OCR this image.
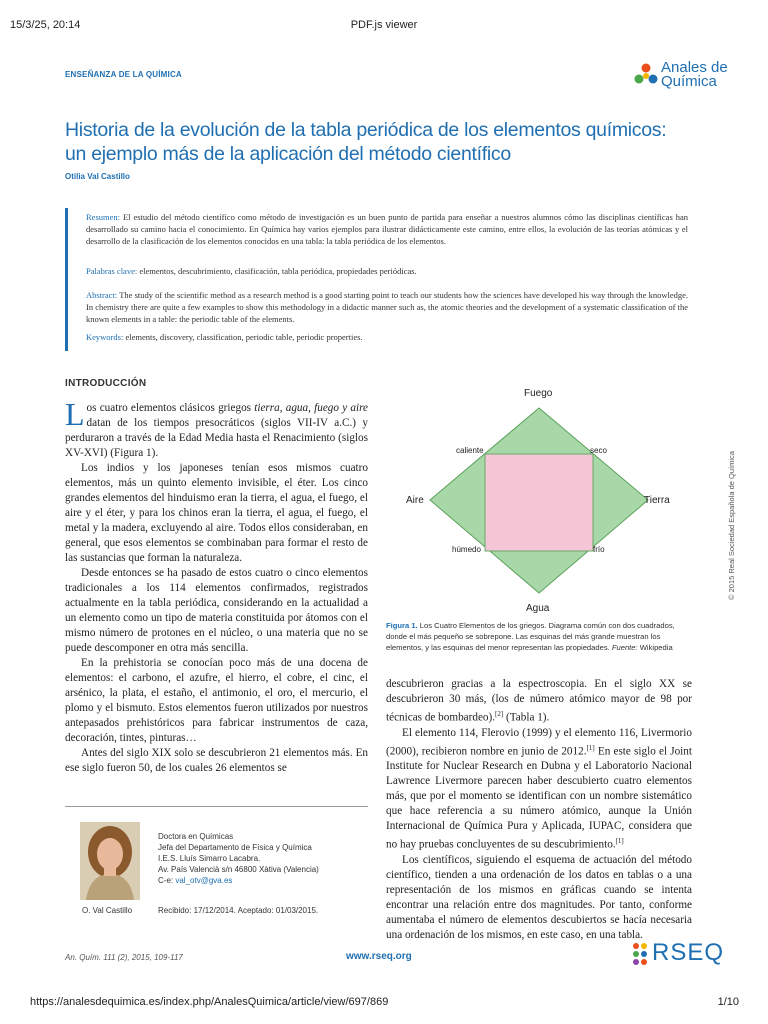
15/3/25, 20:14	PDF.js viewer
ENSEÑANZA DE LA QUÍMICA	Anales de
Química
Historia de la evolución de la tabla periódica de los elementos químicos:
un ejemplo más de la aplicación del método científico
Otilia Val Castillo

Resumen: El estudio del método científico como método de investigación es un buen punto de partida para enseñar a nuestros alumnos cómo las disciplinas científicas han desarrollado su camino hacia el conocimiento. En Química hay varios ejemplos para ilustrar didácticamente este camino, entre ellos, la evolución de las teorías atómicas y el desarrollo de la clasificación de los elementos conocidos en una tabla: la tabla periódica de los elementos.

Palabras clave: elementos, descubrimiento, clasificación, tabla periódica, propiedades periódicas.

Abstract: The study of the scientific method as a research method is a good starting point to teach our students how the sciences have developed his way through the knowledge. In chemistry there are quite a few examples to show this methodology in a didactic manner such as, the atomic theories and the development of a systematic classification of the known elements in a table: the periodic table of the elements.

Keywords: elements, discovery, classification, periodic table, periodic properties.

INTRODUCCIÓN

Los cuatro elementos clásicos griegos tierra, agua, fuego y aire datan de los tiempos presocráticos (siglos VII-IV a.C.) y perduraron a través de la Edad Media hasta el Renacimiento (siglos XV-XVI) (Figura 1).

Los indios y los japoneses tenían esos mismos cuatro elementos, más un quinto elemento invisible, el éter. Los cinco grandes elementos del hinduismo eran la tierra, el agua, el fuego, el aire y el éter, y para los chinos eran la tierra, el agua, el fuego, el metal y la madera, excluyendo al aire. Todos ellos consideraban, en general, que esos elementos se combinaban para formar el resto de las sustancias que forman la naturaleza.

Desde entonces se ha pasado de estos cuatro o cinco elementos tradicionales a los 114 elementos confirmados, registrados actualmente en la tabla periódica, considerando en la actualidad a un elemento como un tipo de materia constituida por átomos con el mismo número de protones en el núcleo, o una materia que no se puede descomponer en otra más sencilla.

En la prehistoria se conocían poco más de una docena de elementos: el carbono, el azufre, el hierro, el cobre, el cinc, el arsénico, la plata, el estaño, el antimonio, el oro, el mercurio, el plomo y el bismuto. Estos elementos fueron utilizados por nuestros antepasados prehistóricos para fabricar instrumentos de caza, decoración, tintes, pinturas…

Antes del siglo XIX solo se descubrieron 21 elementos más. En ese siglo fueron 50, de los cuales 26 elementos se

Fuego
Agua
Aire	Tierra
caliente	seco
húmedo	frío
Figura 1. Los Cuatro Elementos de los griegos. Diagrama común con dos cuadrados, donde el más pequeño se sobrepone. Las esquinas del más grande muestran los elementos, y las esquinas del menor representan las propiedades. Fuente: Wikipedia

descubrieron gracias a la espectroscopia. En el siglo XX se descubrieron 30 más, (los de número atómico mayor de 98 por técnicas de bombardeo).[2] (Tabla 1).

El elemento 114, Flerovio (1999) y el elemento 116, Livermorio (2000), recibieron nombre en junio de 2012.[1] En este siglo el Joint Institute for Nuclear Research en Dubna y el Laboratorio Nacional Lawrence Livermore parecen haber descubierto cuatro elementos más, que por el momento se identifican con un nombre sistemático que hace referencia a su número atómico, aunque la Unión Internacional de Química Pura y Aplicada, IUPAC, considera que no hay pruebas concluyentes de su descubrimiento.[1]

Los científicos, siguiendo el esquema de actuación del método científico, tienden a una ordenación de los datos en tablas o a una representación de los mismos en gráficas cuando se intenta encontrar una relación entre dos magnitudes. Por tanto, conforme aumentaba el número de elementos descubiertos se hacía necesaria una ordenación de los mismos, en este caso, en una tabla.

O. Val Castillo
Doctora en Químicas
Jefa del Departamento de Física y Química
I.E.S. Lluís Simarro Lacabra.
Av. País Valencià s/n 46800 Xàtiva (Valencia)
C-e: val_otv@gva.es
Recibido: 17/12/2014. Aceptado: 01/03/2015.
© 2015 Real Sociedad Española de Química
An. Quím. 111 (2), 2015, 109-117	www.rseq.org	RSEQ
https://analesdequimica.es/index.php/AnalesQuimica/article/view/697/869	1/10
